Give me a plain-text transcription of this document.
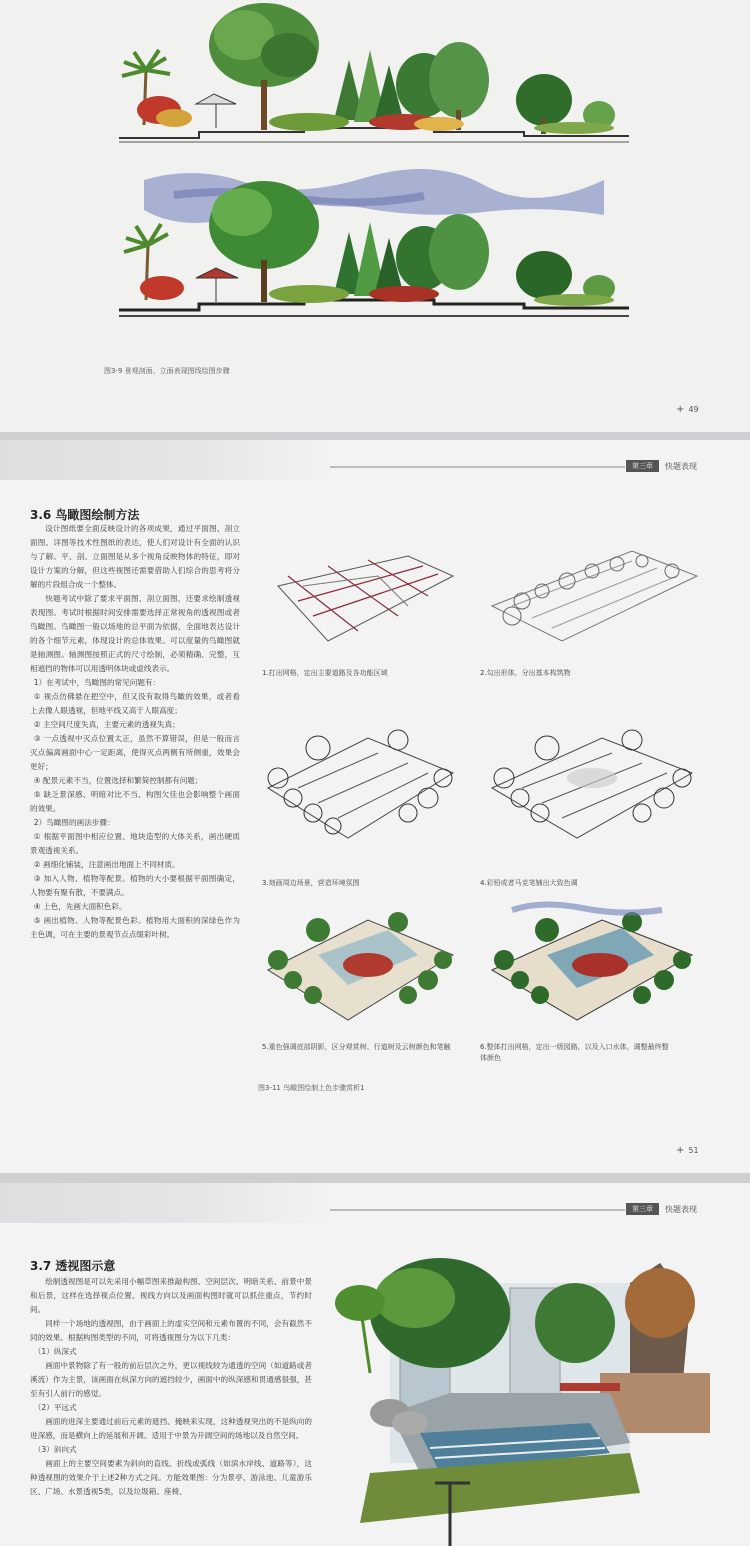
图3-9 景观剖面、立面表现图线绘图步骤
+ 49
第三章	快题表现
3.6 鸟瞰图绘制方法

设计图纸要全面反映设计的各项成果，通过平面图、剖立面图、详图等技术性图纸的表达，使人们对设计有全面的认识与了解。平、剖、立面图是从多个视角反映物体的特征，即对设计方案的分解，但这些视图还需要借助人们综合的思考将分解的片段组合成一个整体。

快题考试中除了要求平面图、剖立面图，还要求绘制透视表现图。考试时根据时间安排需要选择正常视角的透视图或者鸟瞰图。鸟瞰图一般以场地的总平面为依据，全面地表达设计的各个细节元素，体现设计的总体效果。可以度量的鸟瞰图就是轴测图。轴测图按照正式的尺寸绘制，必须精确、完整，互相遮挡的物体可以用透明体块或虚线表示。

1）在考试中，鸟瞰图的常见问题有：

① 视点仿佛悬在把空中，但又没有取得鸟瞰的效果，或者看上去像人眼透视，但地平线又高于人眼高度；

② 主空间尺度失真，主要元素的透视失真；

③ 一点透视中灭点位置太正，虽然不算错误，但是一般而言灭点偏离画面中心一定距离，使得灭点两侧有所侧重，效果会更好；

④ 配景元素不当，位置选择和繁简控制都有问题；

⑤ 缺乏景深感、明暗对比不当、构图欠佳也会影响整个画面的效果。

2）鸟瞰图的画法步骤：

① 根据平面图中相应位置、地块造型的大体关系，画出硬质景观透视关系。

② 画细化铺装，注意画出地面上不同材质。

③ 加入人物、植物等配景。植物的大小要根据平面图确定，人物要有聚有散，不要满点。

④ 上色，先画大面积色彩。

⑤ 画出植物、人物等配景色彩。植物用大面积的深绿色作为主色调，可在主要的景观节点点缀彩叶树。

1.打出网格，定出主要道路及各功能区域	2.勾出形体，分出基本构筑物
3.刻画周边场景，营造环境氛围	4.彩铅或者马克笔铺出大致色调
5.重色强调底部阴影，区分观赏树、行道树及云树颜色和笔触	6.整体打出网格，定出一级园路，以及入口水体，调整最终整体颜色
图3-11 鸟瞰图绘制上色步骤赏析1
+ 51
第三章	快题表现
3.7 透视图示意

绘制透视图是可以先采用小幅草图来推敲构图、空间层次、明暗关系、前景中景和后景，这样在选择视点位置、视线方向以及画面构图时就可以抓住重点，节约时间。

同样一个场地的透视图，由于画面上的虚实空间和元素布置的不同，会有截然不同的效果。根据构图类型的不同，可将透视图分为以下几类：

（1）纵深式

画面中景物除了有一般的前后层次之外，更以视线较为通透的空间（如道路或者溪流）作为主景，该画面在纵深方向的遮挡较少，画面中的纵深感和贯通感很强，甚至有引人前行的感觉。

（2）平远式

画面的进深主要通过前后元素的遮挡、掩映来实现，这种透视突出的不是纵向的进深感，而是横向上的延展和开阔。适用于中景为开阔空间的场地以及自然空间。

（3）斜向式

画面上的主要空间要素为斜向的直线、折线或弧线（如滨水岸线、道路等），这种透视图的效果介于上述2种方式之间。方能效果图：分为景亭、游泳池、儿童游乐区、广场、水景透视5类，以及垃圾箱、座椅、
